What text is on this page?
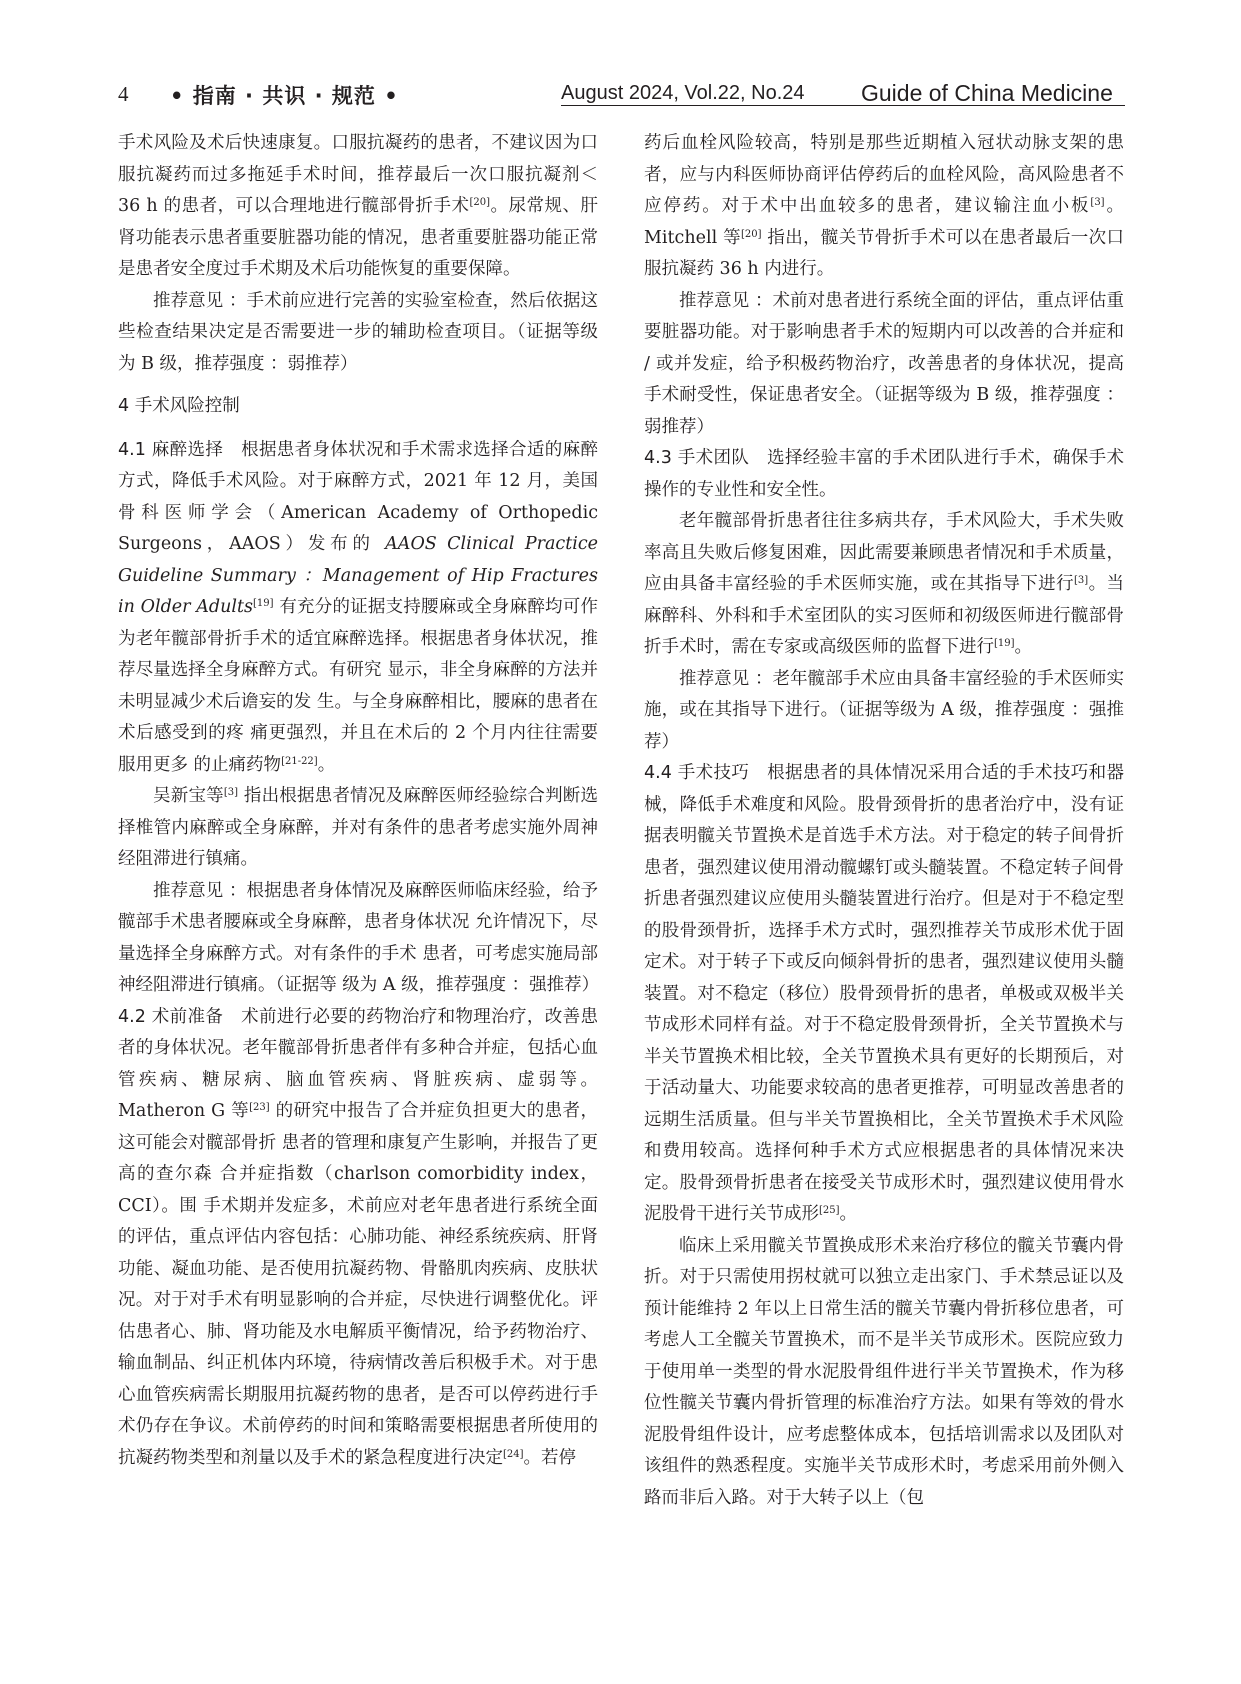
4 • 指南 · 共识 · 规范 •	August 2024, Vol.22, No.24 Guide of China Medicine

手术风险及术后快速康复。口服抗凝药的患者，不建议因为口服抗凝药而过多拖延手术时间，推荐最后一次口服抗凝剂＜ 36 h 的患者，可以合理地进行髋部骨折手术[20]。尿常规、肝肾功能表示患者重要脏器功能的情况，患者重要脏器功能正常是患者安全度过手术期及术后功能恢复的重要保障。

推荐意见 ：手术前应进行完善的实验室检查，然后依据这些检查结果决定是否需要进一步的辅助检查项目。（证据等级为 B 级，推荐强度 ：弱推荐）

4 手术风险控制

4.1 麻醉选择　根据患者身体状况和手术需求选择合适的麻醉方式，降低手术风险。对于麻醉方式，2021 年 12 月，美国骨科医师学会（American Academy of Orthopedic Surgeons，AAOS）发布的 AAOS Clinical Practice Guideline Summary ：Management of Hip Fractures in Older Adults[19] 有充分的证据支持腰麻或全身麻醉均可作为老年髋部骨折手术的适宜麻醉选择。根据患者身体状况，推荐尽量选择全身麻醉方式。有研究 显示，非全身麻醉的方法并未明显减少术后谵妄的发 生。与全身麻醉相比，腰麻的患者在术后感受到的疼 痛更强烈，并且在术后的 2 个月内往往需要服用更多 的止痛药物[21-22]。

吴新宝等[3] 指出根据患者情况及麻醉医师经验综合判断选择椎管内麻醉或全身麻醉，并对有条件的患者考虑实施外周神经阻滞进行镇痛。

推荐意见 ：根据患者身体情况及麻醉医师临床经验，给予髋部手术患者腰麻或全身麻醉，患者身体状况 允许情况下，尽量选择全身麻醉方式。对有条件的手术 患者，可考虑实施局部神经阻滞进行镇痛。（证据等 级为 A 级，推荐强度 ：强推荐）

4.2 术前准备　术前进行必要的药物治疗和物理治疗，改善患者的身体状况。老年髋部骨折患者伴有多种合并症，包括心血管疾病、糖尿病、脑血管疾病、肾脏疾病、虚弱等。Matheron G 等[23] 的研究中报告了合并症负担更大的患者，这可能会对髋部骨折 患者的管理和康复产生影响，并报告了更高的查尔森 合并症指数（charlson comorbidity index，CCI）。围 手术期并发症多，术前应对老年患者进行系统全面的评估，重点评估内容包括：心肺功能、神经系统疾病、肝肾功能、凝血功能、是否使用抗凝药物、骨骼肌肉疾病、皮肤状况。对于对手术有明显影响的合并症，尽快进行调整优化。评估患者心、肺、肾功能及水电解质平衡情况，给予药物治疗、输血制品、纠正机体内环境，待病情改善后积极手术。对于患心血管疾病需长期服用抗凝药物的患者，是否可以停药进行手术仍存在争议。术前停药的时间和策略需要根据患者所使用的抗凝药物类型和剂量以及手术的紧急程度进行决定[24]。若停

药后血栓风险较高，特别是那些近期植入冠状动脉支架的患者，应与内科医师协商评估停药后的血栓风险，高风险患者不应停药。对于术中出血较多的患者，建议输注血小板[3]。Mitchell 等[20] 指出，髋关节骨折手术可以在患者最后一次口服抗凝药 36 h 内进行。

推荐意见 ：术前对患者进行系统全面的评估，重点评估重要脏器功能。对于影响患者手术的短期内可以改善的合并症和 / 或并发症，给予积极药物治疗，改善患者的身体状况，提高手术耐受性，保证患者安全。（证据等级为 B 级，推荐强度 ：弱推荐）

4.3 手术团队　选择经验丰富的手术团队进行手术，确保手术操作的专业性和安全性。

老年髋部骨折患者往往多病共存，手术风险大，手术失败率高且失败后修复困难，因此需要兼顾患者情况和手术质量，应由具备丰富经验的手术医师实施，或在其指导下进行[3]。当麻醉科、外科和手术室团队的实习医师和初级医师进行髋部骨折手术时，需在专家或高级医师的监督下进行[19]。

推荐意见 ：老年髋部手术应由具备丰富经验的手术医师实施，或在其指导下进行。（证据等级为 A 级，推荐强度 ：强推荐）

4.4 手术技巧　根据患者的具体情况采用合适的手术技巧和器械，降低手术难度和风险。股骨颈骨折的患者治疗中，没有证据表明髋关节置换术是首选手术方法。对于稳定的转子间骨折患者，强烈建议使用滑动髋螺钉或头髓装置。不稳定转子间骨折患者强烈建议应使用头髓装置进行治疗。但是对于不稳定型的股骨颈骨折，选择手术方式时，强烈推荐关节成形术优于固定术。对于转子下或反向倾斜骨折的患者，强烈建议使用头髓装置。对不稳定（移位）股骨颈骨折的患者，单极或双极半关节成形术同样有益。对于不稳定股骨颈骨折，全关节置换术与半关节置换术相比较，全关节置换术具有更好的长期预后，对于活动量大、功能要求较高的患者更推荐，可明显改善患者的远期生活质量。但与半关节置换相比，全关节置换术手术风险和费用较高。选择何种手术方式应根据患者的具体情况来决定。股骨颈骨折患者在接受关节成形术时，强烈建议使用骨水泥股骨干进行关节成形[25]。

临床上采用髋关节置换成形术来治疗移位的髋关节囊内骨折。对于只需使用拐杖就可以独立走出家门、手术禁忌证以及预计能维持 2 年以上日常生活的髋关节囊内骨折移位患者，可考虑人工全髋关节置换术，而不是半关节成形术。医院应致力于使用单一类型的骨水泥股骨组件进行半关节置换术，作为移位性髋关节囊内骨折管理的标准治疗方法。如果有等效的骨水泥股骨组件设计，应考虑整体成本，包括培训需求以及团队对该组件的熟悉程度。实施半关节成形术时，考虑采用前外侧入路而非后入路。对于大转子以上（包
